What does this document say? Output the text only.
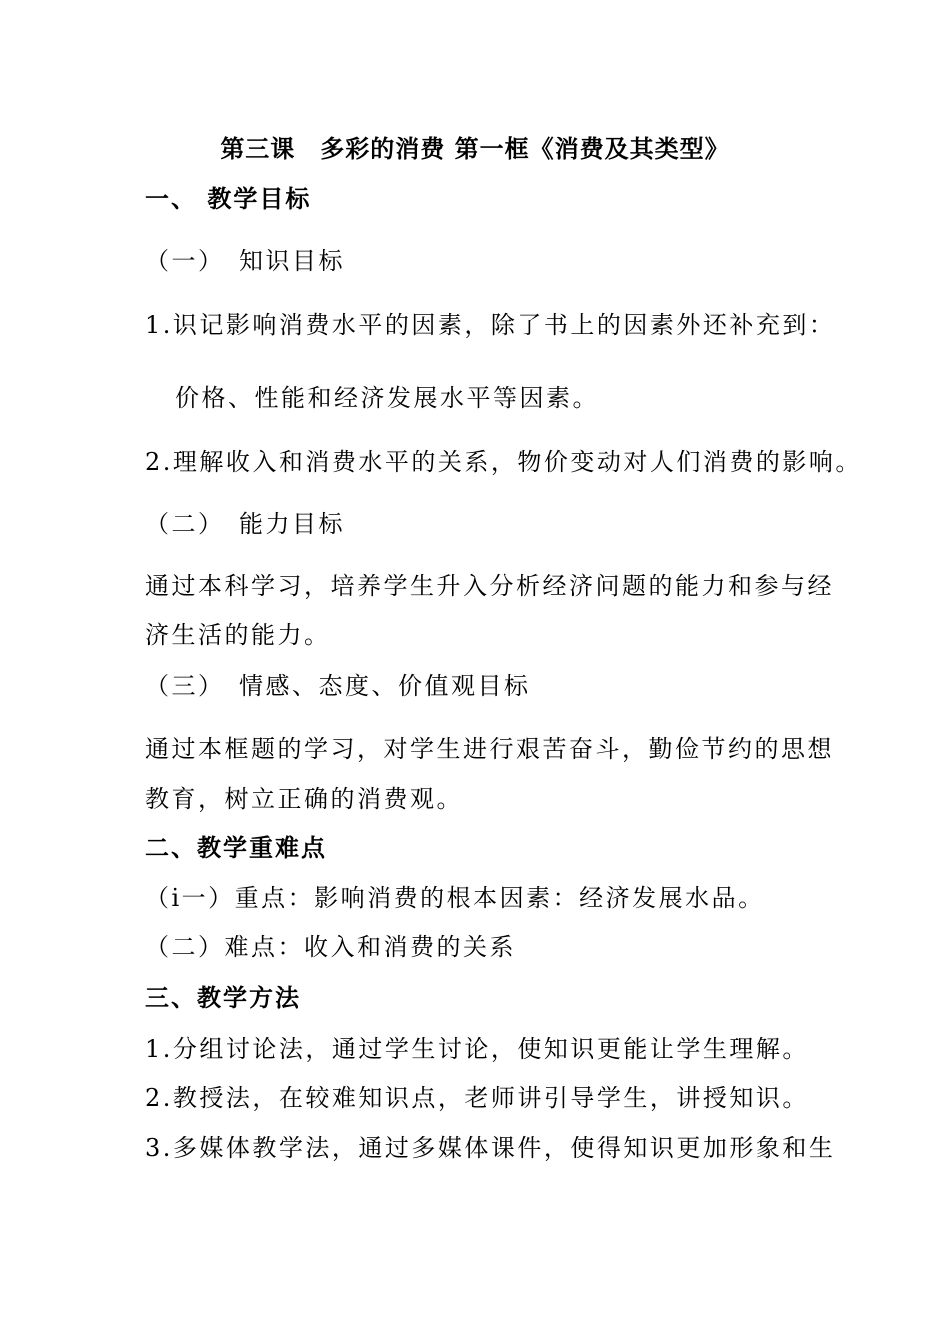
第三课　多彩的消费 第一框《消费及其类型》
一、 教学目标
（一）　知识目标
1.识记影响消费水平的因素，除了书上的因素外还补充到：
价格、性能和经济发展水平等因素。
2.理解收入和消费水平的关系，物价变动对人们消费的影响。
（二）　能力目标
通过本科学习，培养学生升入分析经济问题的能力和参与经
济生活的能力。
（三）　情感、态度、价值观目标
通过本框题的学习，对学生进行艰苦奋斗，勤俭节约的思想
教育，树立正确的消费观。
二、教学重难点
（i一）重点：影响消费的根本因素：经济发展水品。
（二）难点：收入和消费的关系
三、教学方法
1.分组讨论法，通过学生讨论，使知识更能让学生理解。
2.教授法，在较难知识点，老师讲引导学生，讲授知识。
3.多媒体教学法，通过多媒体课件，使得知识更加形象和生
